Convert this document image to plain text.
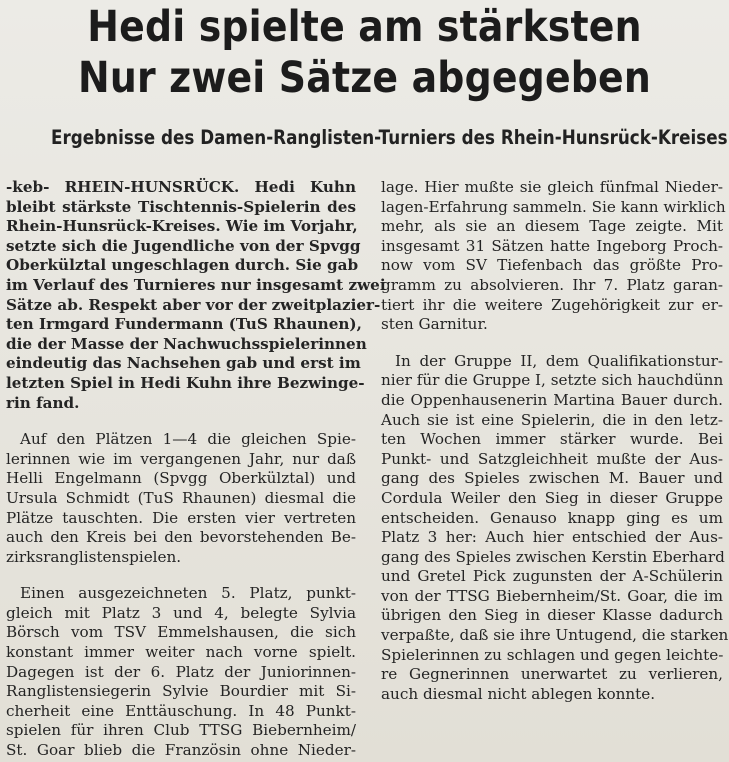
Hedi spielte am stärksten
Nur zwei Sätze abgegeben
Ergebnisse des Damen-Ranglisten-Turniers des Rhein-Hunsrück-Kreises
-keb- RHEIN-HUNSRÜCK. Hedi Kuhn
bleibt stärkste Tischtennis-Spielerin des
Rhein-Hunsrück-Kreises. Wie im Vorjahr,
setzte sich die Jugendliche von der Spvgg
Oberkülztal ungeschlagen durch. Sie gab
im Verlauf des Turnieres nur insgesamt zwei
Sätze ab. Respekt aber vor der zweitplazier-
ten Irmgard Fundermann (TuS Rhaunen),
die der Masse der Nachwuchsspielerinnen
eindeutig das Nachsehen gab und erst im
letzten Spiel in Hedi Kuhn ihre Bezwinge-
rin fand.
Auf den Plätzen 1—4 die gleichen Spie-
lerinnen wie im vergangenen Jahr, nur daß
Helli Engelmann (Spvgg Oberkülztal) und
Ursula Schmidt (TuS Rhaunen) diesmal die
Plätze tauschten. Die ersten vier vertreten
auch den Kreis bei den bevorstehenden Be-
zirksranglistenspielen.
Einen ausgezeichneten 5. Platz, punkt-
gleich mit Platz 3 und 4, belegte Sylvia
Börsch vom TSV Emmelshausen, die sich
konstant immer weiter nach vorne spielt.
Dagegen ist der 6. Platz der Juniorinnen-
Ranglistensiegerin Sylvie Bourdier mit Si-
cherheit eine Enttäuschung. In 48 Punkt-
spielen für ihren Club TTSG Biebernheim/
St. Goar blieb die Französin ohne Nieder-
lage. Hier mußte sie gleich fünfmal Nieder-
lagen-Erfahrung sammeln. Sie kann wirklich
mehr, als sie an diesem Tage zeigte. Mit
insgesamt 31 Sätzen hatte Ingeborg Proch-
now vom SV Tiefenbach das größte Pro-
gramm zu absolvieren. Ihr 7. Platz garan-
tiert ihr die weitere Zugehörigkeit zur er-
sten Garnitur.
In der Gruppe II, dem Qualifikationstur-
nier für die Gruppe I, setzte sich hauchdünn
die Oppenhausenerin Martina Bauer durch.
Auch sie ist eine Spielerin, die in den letz-
ten Wochen immer stärker wurde. Bei
Punkt- und Satzgleichheit mußte der Aus-
gang des Spieles zwischen M. Bauer und
Cordula Weiler den Sieg in dieser Gruppe
entscheiden. Genauso knapp ging es um
Platz 3 her: Auch hier entschied der Aus-
gang des Spieles zwischen Kerstin Eberhard
und Gretel Pick zugunsten der A-Schülerin
von der TTSG Biebernheim/St. Goar, die im
übrigen den Sieg in dieser Klasse dadurch
verpaßte, daß sie ihre Untugend, die starken
Spielerinnen zu schlagen und gegen leichte-
re Gegnerinnen unerwartet zu verlieren,
auch diesmal nicht ablegen konnte.
